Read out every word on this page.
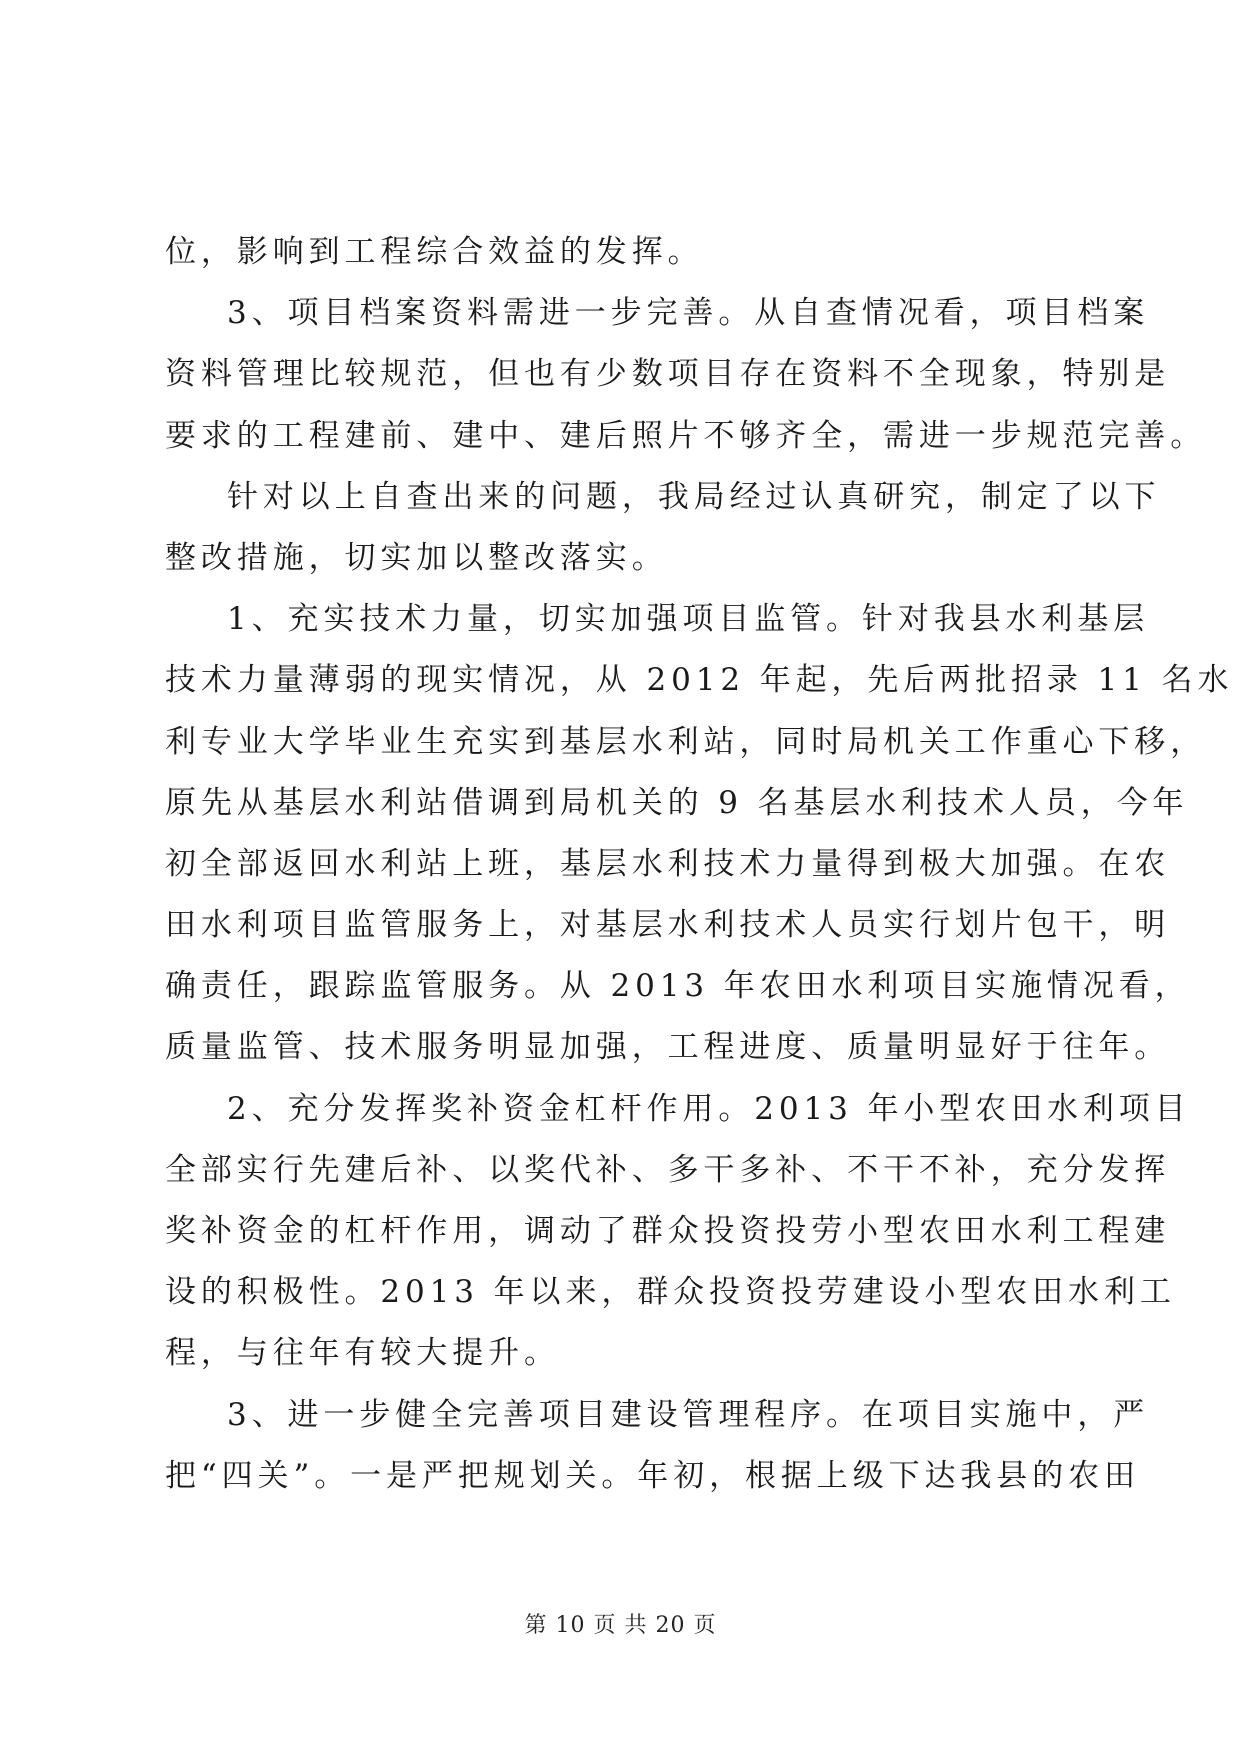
位，影响到工程综合效益的发挥。
3、项目档案资料需进一步完善。从自查情况看，项目档案
资料管理比较规范，但也有少数项目存在资料不全现象，特别是
要求的工程建前、建中、建后照片不够齐全，需进一步规范完善。
针对以上自查出来的问题，我局经过认真研究，制定了以下
整改措施，切实加以整改落实。
1、充实技术力量，切实加强项目监管。针对我县水利基层
技术力量薄弱的现实情况，从 2012 年起，先后两批招录 11 名水
利专业大学毕业生充实到基层水利站，同时局机关工作重心下移，
原先从基层水利站借调到局机关的 9 名基层水利技术人员，今年
初全部返回水利站上班，基层水利技术力量得到极大加强。在农
田水利项目监管服务上，对基层水利技术人员实行划片包干，明
确责任，跟踪监管服务。从 2013 年农田水利项目实施情况看，
质量监管、技术服务明显加强，工程进度、质量明显好于往年。
2、充分发挥奖补资金杠杆作用。2013 年小型农田水利项目
全部实行先建后补、以奖代补、多干多补、不干不补，充分发挥
奖补资金的杠杆作用，调动了群众投资投劳小型农田水利工程建
设的积极性。2013 年以来，群众投资投劳建设小型农田水利工
程，与往年有较大提升。
3、进一步健全完善项目建设管理程序。在项目实施中，严
把“四关”。一是严把规划关。年初，根据上级下达我县的农田
第 10 页 共 20 页
